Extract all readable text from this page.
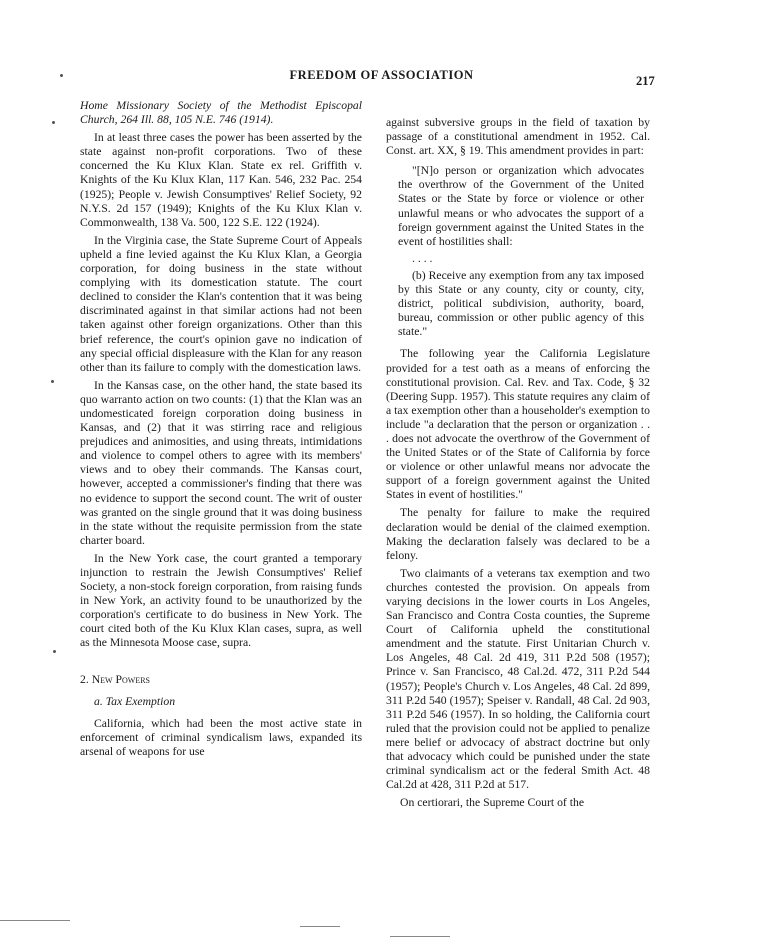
FREEDOM OF ASSOCIATION	217

Home Missionary Society of the Methodist Episcopal Church, 264 Ill. 88, 105 N.E. 746 (1914).

In at least three cases the power has been asserted by the state against non-profit corporations. Two of these concerned the Ku Klux Klan. State ex rel. Griffith v. Knights of the Ku Klux Klan, 117 Kan. 546, 232 Pac. 254 (1925); People v. Jewish Consumptives' Relief Society, 92 N.Y.S. 2d 157 (1949); Knights of the Ku Klux Klan v. Commonwealth, 138 Va. 500, 122 S.E. 122 (1924).

In the Virginia case, the State Supreme Court of Appeals upheld a fine levied against the Ku Klux Klan, a Georgia corporation, for doing business in the state without complying with its domestication statute. The court declined to consider the Klan's contention that it was being discriminated against in that similar actions had not been taken against other foreign organizations. Other than this brief reference, the court's opinion gave no indication of any special official displeasure with the Klan for any reason other than its failure to comply with the domestication laws.

In the Kansas case, on the other hand, the state based its quo warranto action on two counts: (1) that the Klan was an undomesticated foreign corporation doing business in Kansas, and (2) that it was stirring race and religious prejudices and animosities, and using threats, intimidations and violence to compel others to agree with its members' views and to obey their commands. The Kansas court, however, accepted a commissioner's finding that there was no evidence to support the second count. The writ of ouster was granted on the single ground that it was doing business in the state without the requisite permission from the state charter board.

In the New York case, the court granted a temporary injunction to restrain the Jewish Consumptives' Relief Society, a non-stock foreign corporation, from raising funds in New York, an activity found to be unauthorized by the corporation's certificate to do business in New York. The court cited both of the Ku Klux Klan cases, supra, as well as the Minnesota Moose case, supra.

2. New Powers
a. Tax Exemption

California, which had been the most active state in enforcement of criminal syndicalism laws, expanded its arsenal of weapons for use

against subversive groups in the field of taxation by passage of a constitutional amendment in 1952. Cal. Const. art. XX, § 19. This amendment provides in part:

"[N]o person or organization which advocates the overthrow of the Government of the United States or the State by force or violence or other unlawful means or who advocates the support of a foreign government against the United States in the event of hostilities shall:

. . . .

(b) Receive any exemption from any tax imposed by this State or any county, city or county, city, district, political subdivision, authority, board, bureau, commission or other public agency of this state."

The following year the California Legislature provided for a test oath as a means of enforcing the constitutional provision. Cal. Rev. and Tax. Code, § 32 (Deering Supp. 1957). This statute requires any claim of a tax exemption other than a householder's exemption to include "a declaration that the person or organization . . . does not advocate the overthrow of the Government of the United States or of the State of California by force or violence or other unlawful means nor advocate the support of a foreign government against the United States in event of hostilities."

The penalty for failure to make the required declaration would be denial of the claimed exemption. Making the declaration falsely was declared to be a felony.

Two claimants of a veterans tax exemption and two churches contested the provision. On appeals from varying decisions in the lower courts in Los Angeles, San Francisco and Contra Costa counties, the Supreme Court of California upheld the constitutional amendment and the statute. First Unitarian Church v. Los Angeles, 48 Cal. 2d 419, 311 P.2d 508 (1957); Prince v. San Francisco, 48 Cal.2d. 472, 311 P.2d 544 (1957); People's Church v. Los Angeles, 48 Cal. 2d 899, 311 P.2d 540 (1957); Speiser v. Randall, 48 Cal. 2d 903, 311 P.2d 546 (1957). In so holding, the California court ruled that the provision could not be applied to penalize mere belief or advocacy of abstract doctrine but only that advocacy which could be punished under the state criminal syndicalism act or the federal Smith Act. 48 Cal.2d at 428, 311 P.2d at 517.

On certiorari, the Supreme Court of the
